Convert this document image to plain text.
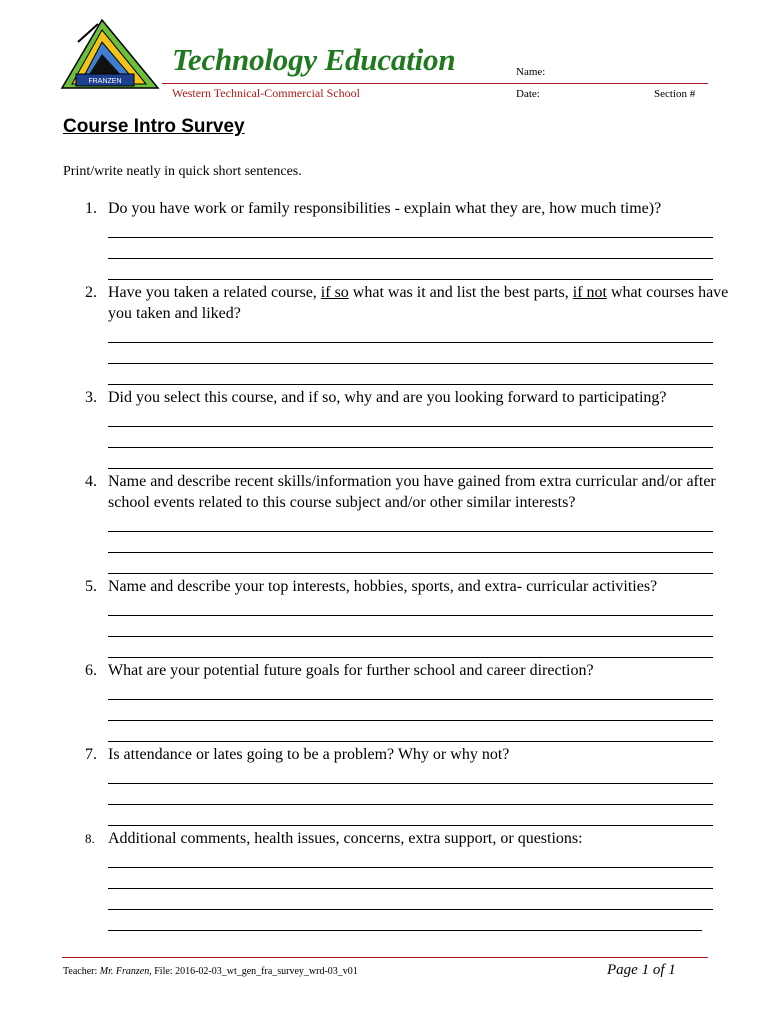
FRANZEN
Technology Education
Western Technical-Commercial School
Name:
Date:	Section #
Course Intro Survey
Print/write neatly in quick short sentences.
1. Do you have work or family responsibilities - explain what they are, how much time)?
2. Have you taken a related course, if so what was it and list the best parts, if not what courses have you taken and liked?
3. Did you select this course, and if so, why and are you looking forward to participating?
4. Name and describe recent skills/information you have gained from extra curricular and/or after school events related to this course subject and/or other similar interests?
5. Name and describe your top interests, hobbies, sports, and extra- curricular activities?
6. What are your potential future goals for further school and career direction?
7. Is attendance or lates going to be a problem? Why or why not?
8. Additional comments, health issues, concerns, extra support, or questions:
Teacher: Mr. Franzen, File: 2016-02-03_wt_gen_fra_survey_wrd-03_v01	Page 1 of 1
